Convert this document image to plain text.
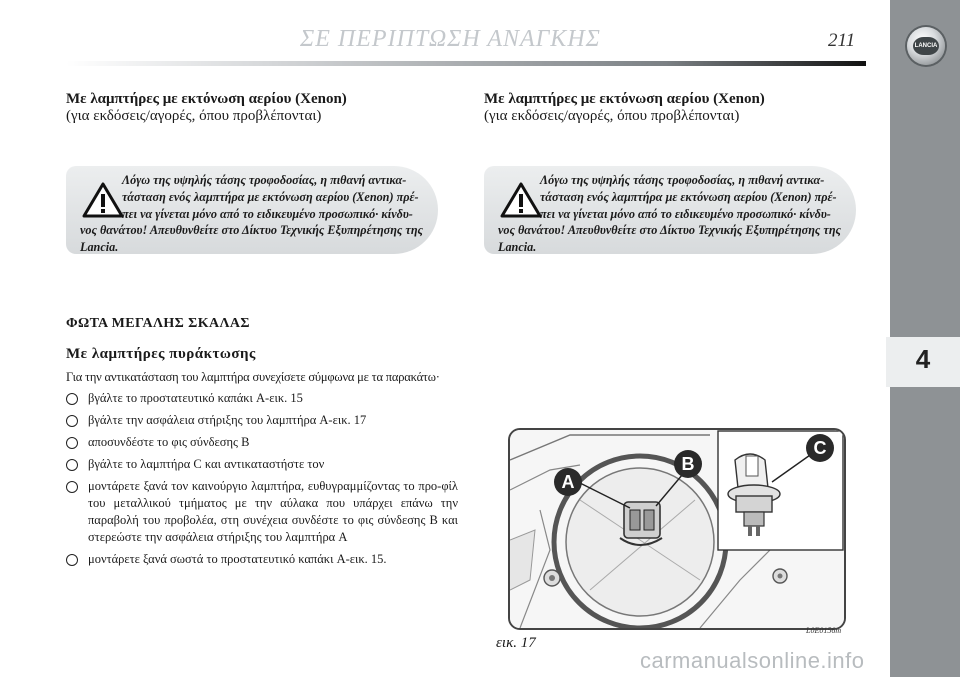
ΣΕ ΠΕΡΙΠΤΩΣΗ ΑΝΑΓΚΗΣ	211	LANCIA
4
Με λαμπτήρες με εκτόνωση αερίου (Xenon)
(για εκδόσεις/αγορές, όπου προβλέπονται)
Λόγω της υψηλής τάσης τροφοδοσίας, η πιθανή αντικα-
τάσταση ενός λαμπτήρα με εκτόνωση αερίου (Xenon) πρέ-
πει να γίνεται μόνο από το ειδικευμένο προσωπικό· κίνδυ-
νος θανάτου! Απευθυνθείτε στο Δίκτυο Τεχνικής Εξυπηρέτησης της
Lancia.
ΦΩΤΑ ΜΕΓΑΛΗΣ ΣΚΑΛΑΣ
Με λαμπτήρες πυράκτωσης
Για την αντικατάσταση του λαμπτήρα συνεχίσετε σύμφωνα με τα παρακάτω·
βγάλτε το προστατευτικό καπάκι A-εικ. 15
βγάλτε την ασφάλεια στήριξης του λαμπτήρα A-εικ. 17
αποσυνδέστε το φις σύνδεσης B
βγάλτε το λαμπτήρα C και αντικαταστήστε τον
μοντάρετε ξανά τον καινούργιο λαμπτήρα, ευθυγραμμίζοντας το προ-φίλ του μεταλλικού τμήματος με την αύλακα που υπάρχει επάνω την παραβολή του προβολέα, στη συνέχεια συνδέστε το φις σύνδεσης B και στερεώστε την ασφάλεια στήριξης του λαμπτήρα A
μοντάρετε ξανά σωστά το προστατευτικό καπάκι A-εικ. 15.
Με λαμπτήρες με εκτόνωση αερίου (Xenon)
(για εκδόσεις/αγορές, όπου προβλέπονται)
Λόγω της υψηλής τάσης τροφοδοσίας, η πιθανή αντικα-
τάσταση ενός λαμπτήρα με εκτόνωση αερίου (Xenon) πρέ-
πει να γίνεται μόνο από το ειδικευμένο προσωπικό· κίνδυ-
νος θανάτου! Απευθυνθείτε στο Δίκτυο Τεχνικής Εξυπηρέτησης της
Lancia.
A
B
C
εικ. 17
L0E0156m
carmanualsonline.info
